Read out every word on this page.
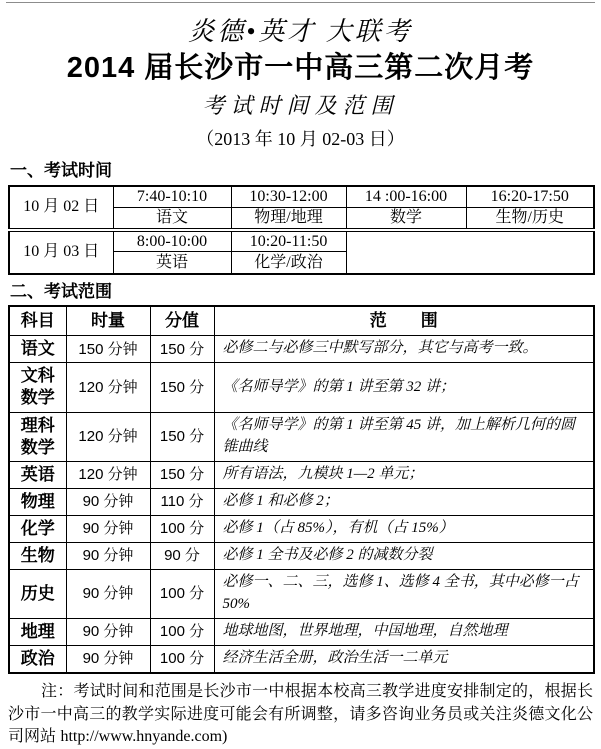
炎德•英才 大联考
2014 届长沙市一中高三第二次月考
考试时间及范围
（2013 年 10 月 02-03 日）
一、考试时间
10 月 02 日	7:40-10:10	10:30-12:00	14 :00-16:00	16:20-17:50
	语文	物理/地理	数学	生物/历史
10 月 03 日	8:00-10:00	10:20-11:50		
	英语	化学/政治		
二、考试范围
科目	时量	分值	范　　围
语文	150 分钟	150 分	必修二与必修三中默写部分，其它与高考一致。
文科数学	120 分钟	150 分	《名师导学》的第 1 讲至第 32 讲；
理科数学	120 分钟	150 分	《名师导学》的第 1 讲至第 45 讲，加上解析几何的圆锥曲线
英语	120 分钟	150 分	所有语法，九模块 1—2 单元；
物理	90 分钟	110 分	必修 1 和必修 2；
化学	90 分钟	100 分	必修 1（占 85%），有机（占 15%）
生物	90 分钟	90 分	必修 1 全书及必修 2 的减数分裂
历史	90 分钟	100 分	必修一、二、三，选修 1、选修 4 全书，其中必修一占 50%
地理	90 分钟	100 分	地球地图，世界地理，中国地理，自然地理
政治	90 分钟	100 分	经济生活全册，政治生活一二单元

注：考试时间和范围是长沙市一中根据本校高三教学进度安排制定的，根据长沙市一中高三的教学实际进度可能会有所调整，请多咨询业务员或关注炎德文化公司网站 http://www.hnyande.com)
